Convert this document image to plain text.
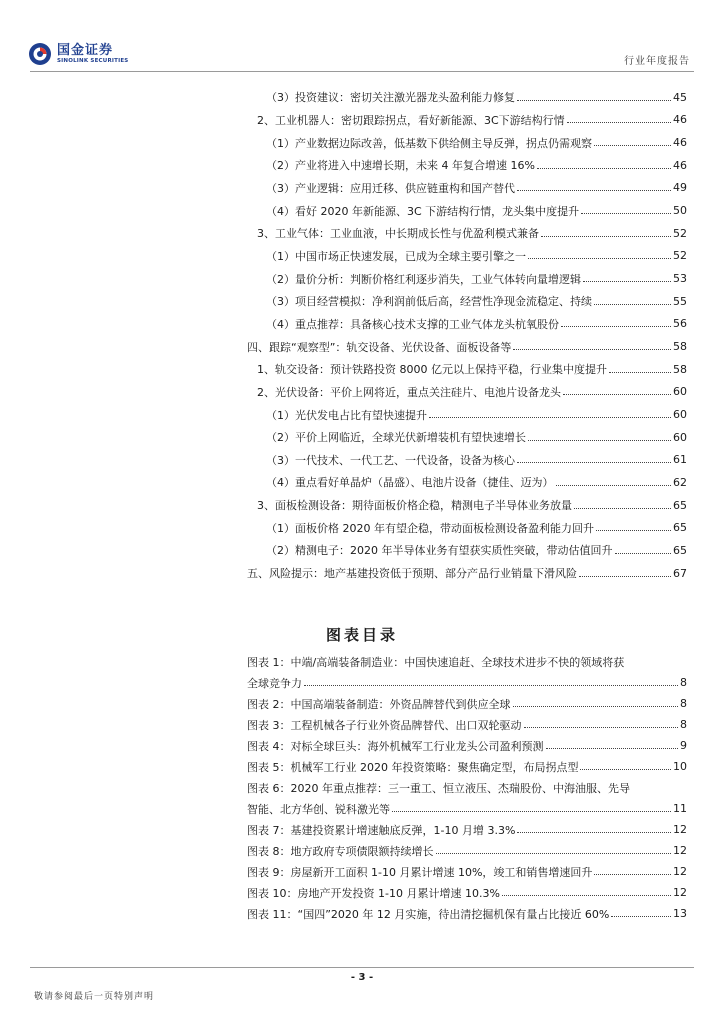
国金证券
SINOLINK SECURITIES	行业年度报告
（3）投资建议：密切关注激光器龙头盈利能力修复	45
2、工业机器人：密切跟踪拐点，看好新能源、3C下游结构行情	46
（1）产业数据边际改善，低基数下供给侧主导反弹，拐点仍需观察	46
（2）产业将进入中速增长期，未来 4 年复合增速 16%	46
（3）产业逻辑：应用迁移、供应链重构和国产替代	49
（4）看好 2020 年新能源、3C 下游结构行情，龙头集中度提升	50
3、工业气体：工业血液，中长期成长性与优盈利模式兼备	52
（1）中国市场正快速发展，已成为全球主要引擎之一	52
（2）量价分析：判断价格红利逐步消失，工业气体转向量增逻辑	53
（3）项目经营模拟：净利润前低后高，经营性净现金流稳定、持续	55
（4）重点推荐：具备核心技术支撑的工业气体龙头杭氧股份	56
四、跟踪“观察型”：轨交设备、光伏设备、面板设备等	58
1、轨交设备：预计铁路投资 8000 亿元以上保持平稳，行业集中度提升	58
2、光伏设备：平价上网将近，重点关注硅片、电池片设备龙头	60
（1）光伏发电占比有望快速提升	60
（2）平价上网临近，全球光伏新增装机有望快速增长	60
（3）一代技术、一代工艺、一代设备，设备为核心	61
（4）重点看好单晶炉（晶盛）、电池片设备（捷佳、迈为）	62
3、面板检测设备：期待面板价格企稳，精测电子半导体业务放量	65
（1）面板价格 2020 年有望企稳，带动面板检测设备盈利能力回升	65
（2）精测电子：2020 年半导体业务有望获实质性突破，带动估值回升	65
五、风险提示：地产基建投资低于预期、部分产品行业销量下滑风险	67
图表目录
图表 1：中端/高端装备制造业：中国快速追赶、全球技术进步不快的领域将获
全球竞争力	8
图表 2：中国高端装备制造：外资品牌替代到供应全球	8
图表 3：工程机械各子行业外资品牌替代、出口双轮驱动	8
图表 4：对标全球巨头：海外机械军工行业龙头公司盈利预测	9
图表 5：机械军工行业 2020 年投资策略：聚焦确定型，布局拐点型	10
图表 6：2020 年重点推荐：三一重工、恒立液压、杰瑞股份、中海油服、先导
智能、北方华创、锐科激光等	11
图表 7：基建投资累计增速触底反弹，1-10 月增 3.3%	12
图表 8：地方政府专项债限额持续增长	12
图表 9：房屋新开工面积 1-10 月累计增速 10%，竣工和销售增速回升	12
图表 10：房地产开发投资 1-10 月累计增速 10.3%	12
图表 11：“国四”2020 年 12 月实施，待出清挖掘机保有量占比接近 60%	13
- 3 -
敬请参阅最后一页特别声明
